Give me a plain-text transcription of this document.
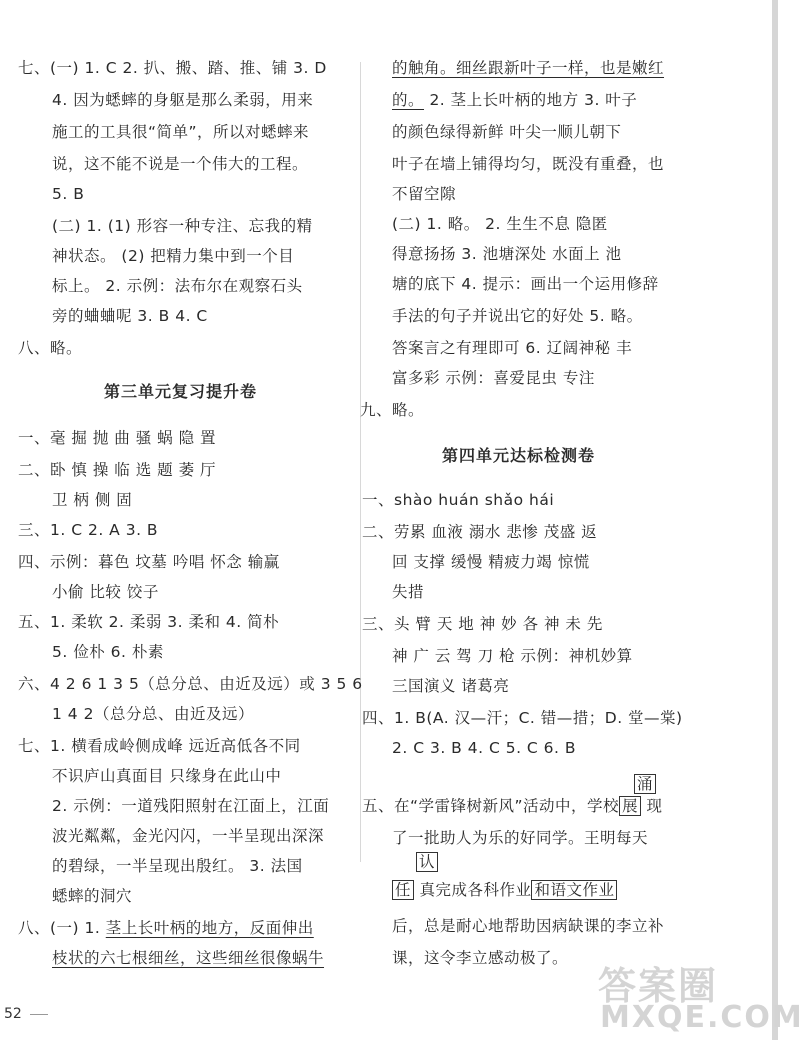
七、(一) 1. C 2. 扒、搬、踏、推、铺 3. D
4. 因为蟋蟀的身躯是那么柔弱，用来
施工的工具很“简单”，所以对蟋蟀来
说，这不能不说是一个伟大的工程。
5. B
(二) 1. (1) 形容一种专注、忘我的精
神状态。 (2) 把精力集中到一个目
标上。 2. 示例：法布尔在观察石头
旁的蛐蛐呢 3. B 4. C
八、略。
第三单元复习提升卷
一、毫 掘 抛 曲 骚 蜗 隐 置
二、卧 慎 操 临 选 题 萎 厅
卫 柄 侧 固
三、1. C 2. A 3. B
四、示例：暮色 坟墓 吟唱 怀念 输赢
小偷 比较 饺子
五、1. 柔软 2. 柔弱 3. 柔和 4. 简朴
5. 俭朴 6. 朴素
六、4 2 6 1 3 5（总分总、由近及远）或 3 5 6
1 4 2（总分总、由近及远）
七、1. 横看成岭侧成峰 远近高低各不同
不识庐山真面目 只缘身在此山中
2. 示例：一道残阳照射在江面上，江面
波光粼粼，金光闪闪，一半呈现出深深
的碧绿，一半呈现出殷红。 3. 法国
蟋蟀的洞穴
八、(一) 1. 茎上长叶柄的地方，反面伸出
枝状的六七根细丝，这些细丝很像蜗牛
的触角。细丝跟新叶子一样，也是嫩红
的。 2. 茎上长叶柄的地方 3. 叶子
的颜色绿得新鲜 叶尖一顺儿朝下
叶子在墙上铺得均匀，既没有重叠，也
不留空隙
(二) 1. 略。 2. 生生不息 隐匿
得意扬扬 3. 池塘深处 水面上 池
塘的底下 4. 提示：画出一个运用修辞
手法的句子并说出它的好处 5. 略。
答案言之有理即可 6. 辽阔神秘 丰
富多彩 示例：喜爱昆虫 专注
九、略。
第四单元达标检测卷
一、shào huán shǎo hái
二、劳累 血液 溺水 悲惨 茂盛 返
回 支撑 缓慢 精疲力竭 惊慌
失措
三、头 臂 天 地 神 妙 各 神 未 先
神 广 云 驾 刀 枪 示例：神机妙算
三国演义 诸葛亮
四、1. B(A. 汉—汗；C. 错—措；D. 堂—棠)
2. C 3. B 4. C 5. C 6. B
涌
五、在“学雷锋树新风”活动中，学校 展 现
了一批助人为乐的好同学。王明每天
认
任 真完成各科作业 和语文作业
后，总是耐心地帮助因病缺课的李立补
课，这令李立感动极了。
52
答案圈
MXQE.COM
